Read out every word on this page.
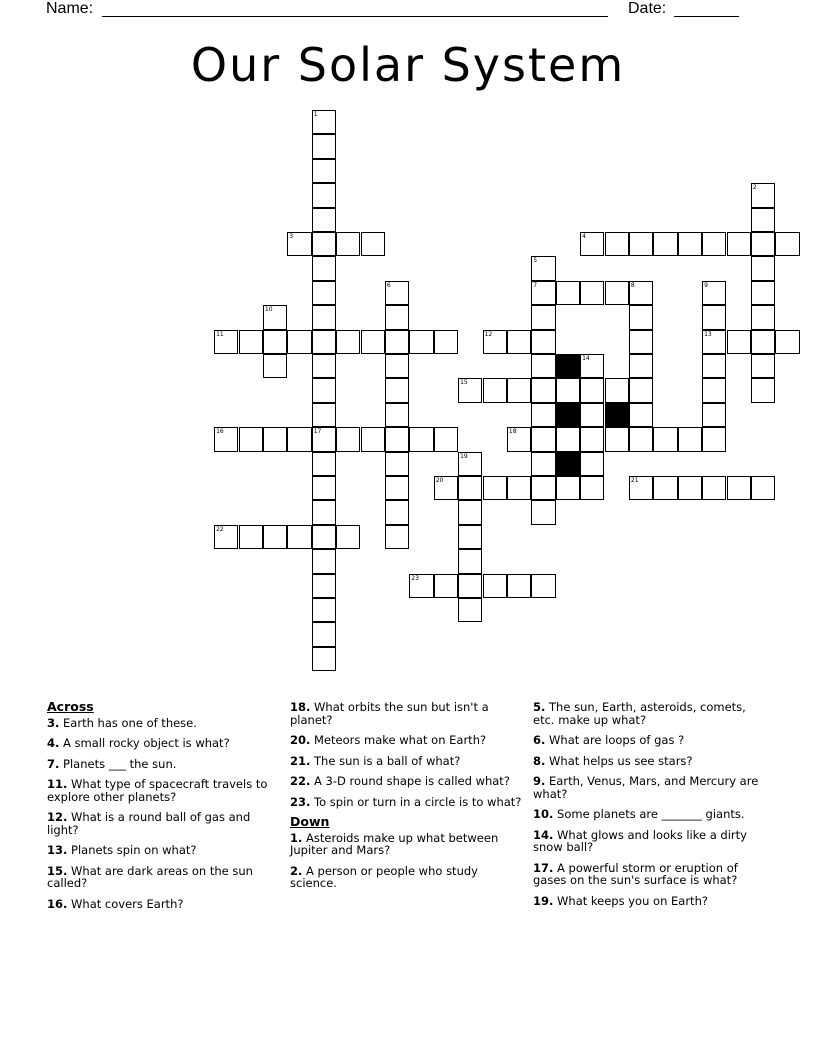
Name:	Date:
Our Solar System
3	4
7
11	12	13
15
16	17	18
20	21
22
23
1
2
5
6	8	9
10
14
19
Across
3. Earth has one of these.
4. A small rocky object is what?
7. Planets ___ the sun.
11. What type of spacecraft travels to explore other planets?
12. What is a round ball of gas and light?
13. Planets spin on what?
15. What are dark areas on the sun called?
16. What covers Earth?
18. What orbits the sun but isn't a planet?
20. Meteors make what on Earth?
21. The sun is a ball of what?
22. A 3-D round shape is called what?
23. To spin or turn in a circle is to what?
Down
1. Asteroids make up what between Jupiter and Mars?
2. A person or people who study science.
5. The sun, Earth, asteroids, comets, etc. make up what?
6. What are loops of gas ?
8. What helps us see stars?
9. Earth, Venus, Mars, and Mercury are what?
10. Some planets are _______ giants.
14. What glows and looks like a dirty snow ball?
17. A powerful storm or eruption of gases on the sun's surface is what?
19. What keeps you on Earth?
